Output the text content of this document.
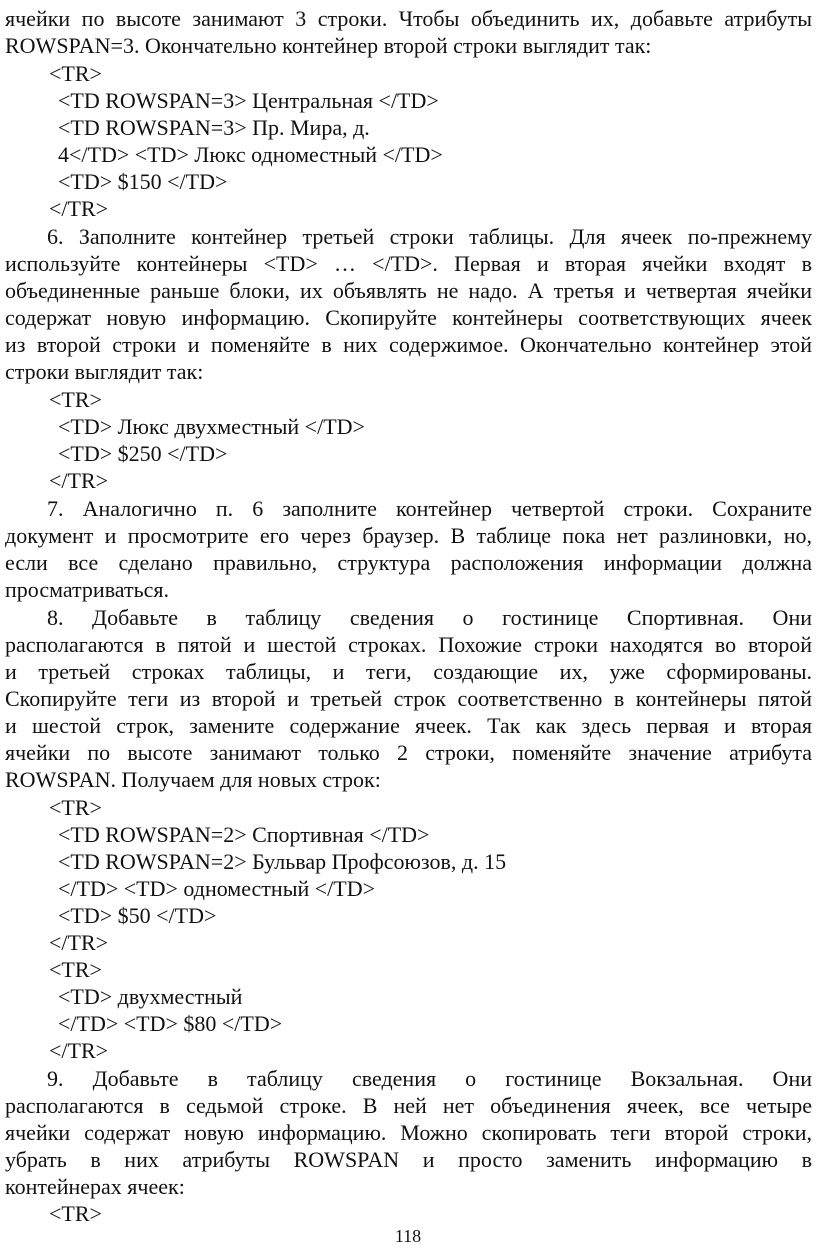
ячейки по высоте занимают 3 строки. Чтобы объединить их, добавьте атрибуты
ROWSPAN=3. Окончательно контейнер второй строки выглядит так:
<TR>
<TD ROWSPAN=3> Центральная </TD>
<TD ROWSPAN=3> Пр. Мира, д.
4</TD> <TD> Люкс одноместный </TD>
<TD> $150 </TD>
</TR>
6. Заполните контейнер третьей строки таблицы. Для ячеек по-прежнему
используйте контейнеры <TD> … </TD>. Первая и вторая ячейки входят в
объединенные раньше блоки, их объявлять не надо. А третья и четвертая ячейки
содержат новую информацию. Скопируйте контейнеры соответствующих ячеек
из второй строки и поменяйте в них содержимое. Окончательно контейнер этой
строки выглядит так:
<TR>
<TD> Люкс двухместный </TD>
<TD> $250 </TD>
</TR>
7. Аналогично п. 6 заполните контейнер четвертой строки. Сохраните
документ и просмотрите его через браузер. В таблице пока нет разлиновки, но,
если все сделано правильно, структура расположения информации должна
просматриваться.
8. Добавьте в таблицу сведения о гостинице Спортивная. Они
располагаются в пятой и шестой строках. Похожие строки находятся во второй
и третьей строках таблицы, и теги, создающие их, уже сформированы.
Скопируйте теги из второй и третьей строк соответственно в контейнеры пятой
и шестой строк, замените содержание ячеек. Так как здесь первая и вторая
ячейки по высоте занимают только 2 строки, поменяйте значение атрибута
ROWSPAN. Получаем для новых строк:
<TR>
<TD ROWSPAN=2> Спортивная </TD>
<TD ROWSPAN=2> Бульвар Профсоюзов, д. 15
</TD> <TD> одноместный </TD>
<TD> $50 </TD>
</TR>
<TR>
<TD> двухместный
</TD> <TD> $80 </TD>
</TR>
9. Добавьте в таблицу сведения о гостинице Вокзальная. Они
располагаются в седьмой строке. В ней нет объединения ячеек, все четыре
ячейки содержат новую информацию. Можно скопировать теги второй строки,
убрать в них атрибуты ROWSPAN и просто заменить информацию в
контейнерах ячеек:
<TR>
118
